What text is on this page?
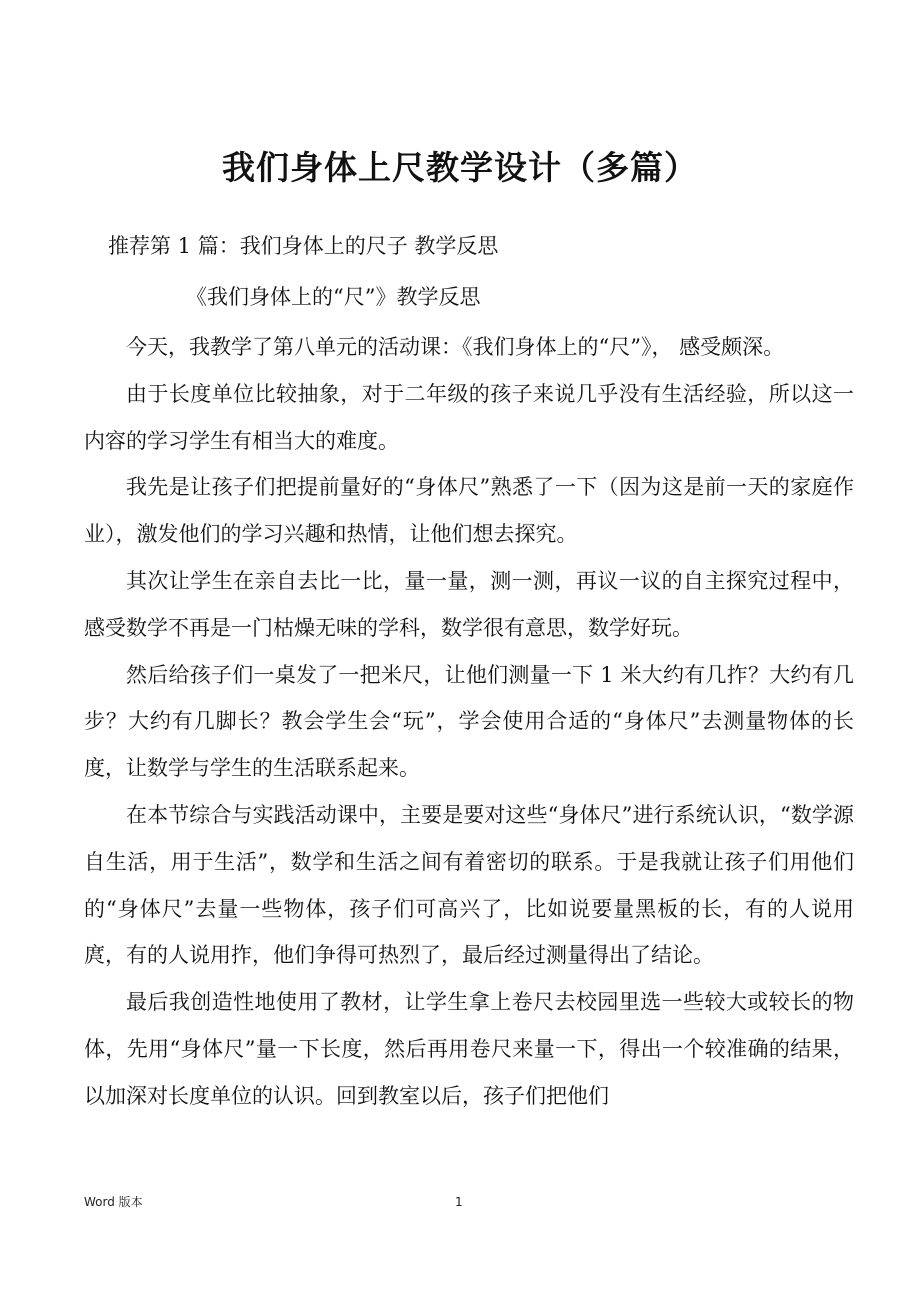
我们身体上尺教学设计（多篇）
推荐第 1 篇：我们身体上的尺子 教学反思
《我们身体上的“尺”》教学反思

今天，我教学了第八单元的活动课：《我们身体上的“尺”》， 感受颇深。

由于长度单位比较抽象，对于二年级的孩子来说几乎没有生活经验，所以这一内容的学习学生有相当大的难度。

我先是让孩子们把提前量好的“身体尺”熟悉了一下（因为这是前一天的家庭作业），激发他们的学习兴趣和热情，让他们想去探究。

其次让学生在亲自去比一比，量一量，测一测，再议一议的自主探究过程中，感受数学不再是一门枯燥无味的学科，数学很有意思，数学好玩。

然后给孩子们一桌发了一把米尺，让他们测量一下 1 米大约有几拃？大约有几步？大约有几脚长？教会学生会“玩”，学会使用合适的“身体尺”去测量物体的长度，让数学与学生的生活联系起来。

在本节综合与实践活动课中，主要是要对这些“身体尺”进行系统认识，“数学源自生活，用于生活”，数学和生活之间有着密切的联系。于是我就让孩子们用他们的“身体尺”去量一些物体，孩子们可高兴了，比如说要量黑板的长，有的人说用庹，有的人说用拃，他们争得可热烈了，最后经过测量得出了结论。

最后我创造性地使用了教材，让学生拿上卷尺去校园里选一些较大或较长的物体，先用“身体尺”量一下长度，然后再用卷尺来量一下，得出一个较准确的结果，以加深对长度单位的认识。回到教室以后，孩子们把他们

Word 版本	1
